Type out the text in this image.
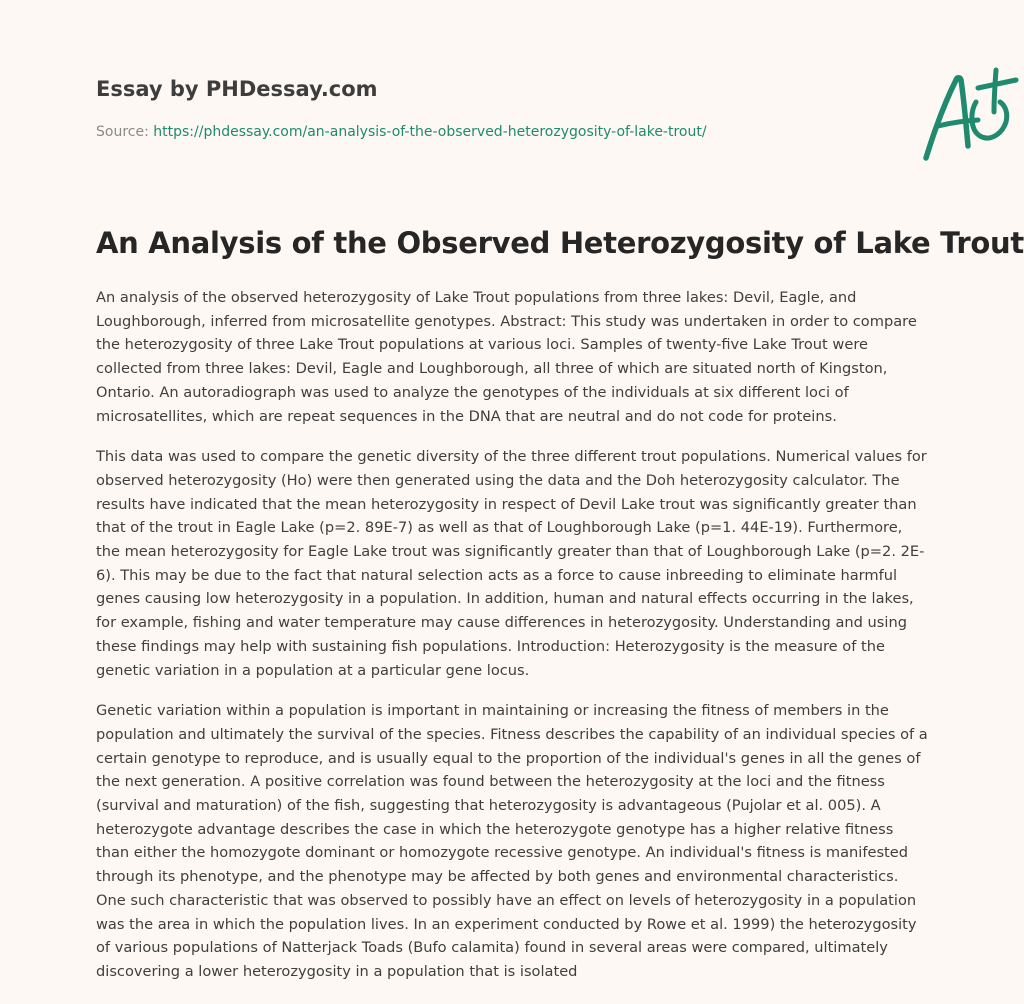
Essay by PHDessay.com
Source: https://phdessay.com/an-analysis-of-the-observed-heterozygosity-of-lake-trout/
An Analysis of the Observed Heterozygosity of Lake Trout

An analysis of the observed heterozygosity of Lake Trout populations from three lakes: Devil, Eagle, and Loughborough, inferred from microsatellite genotypes. Abstract: This study was undertaken in order to compare the heterozygosity of three Lake Trout populations at various loci. Samples of twenty-five Lake Trout were collected from three lakes: Devil, Eagle and Loughborough, all three of which are situated north of Kingston, Ontario. An autoradiograph was used to analyze the genotypes of the individuals at six different loci of microsatellites, which are repeat sequences in the DNA that are neutral and do not code for proteins.

This data was used to compare the genetic diversity of the three different trout populations. Numerical values for observed heterozygosity (Ho) were then generated using the data and the Doh heterozygosity calculator. The results have indicated that the mean heterozygosity in respect of Devil Lake trout was significantly greater than that of the trout in Eagle Lake (p=2. 89E-7) as well as that of Loughborough Lake (p=1. 44E-19). Furthermore, the mean heterozygosity for Eagle Lake trout was significantly greater than that of Loughborough Lake (p=2. 2E-6). This may be due to the fact that natural selection acts as a force to cause inbreeding to eliminate harmful genes causing low heterozygosity in a population. In addition, human and natural effects occurring in the lakes, for example, fishing and water temperature may cause differences in heterozygosity. Understanding and using these findings may help with sustaining fish populations. Introduction: Heterozygosity is the measure of the genetic variation in a population at a particular gene locus.

Genetic variation within a population is important in maintaining or increasing the fitness of members in the population and ultimately the survival of the species. Fitness describes the capability of an individual species of a certain genotype to reproduce, and is usually equal to the proportion of the individual's genes in all the genes of the next generation. A positive correlation was found between the heterozygosity at the loci and the fitness (survival and maturation) of the fish, suggesting that heterozygosity is advantageous (Pujolar et al. 005). A heterozygote advantage describes the case in which the heterozygote genotype has a higher relative fitness than either the homozygote dominant or homozygote recessive genotype. An individual's fitness is manifested through its phenotype, and the phenotype may be affected by both genes and environmental characteristics. One such characteristic that was observed to possibly have an effect on levels of heterozygosity in a population was the area in which the population lives. In an experiment conducted by Rowe et al. 1999) the heterozygosity of various populations of Natterjack Toads (Bufo calamita) found in several areas were compared, ultimately discovering a lower heterozygosity in a population that is isolated
